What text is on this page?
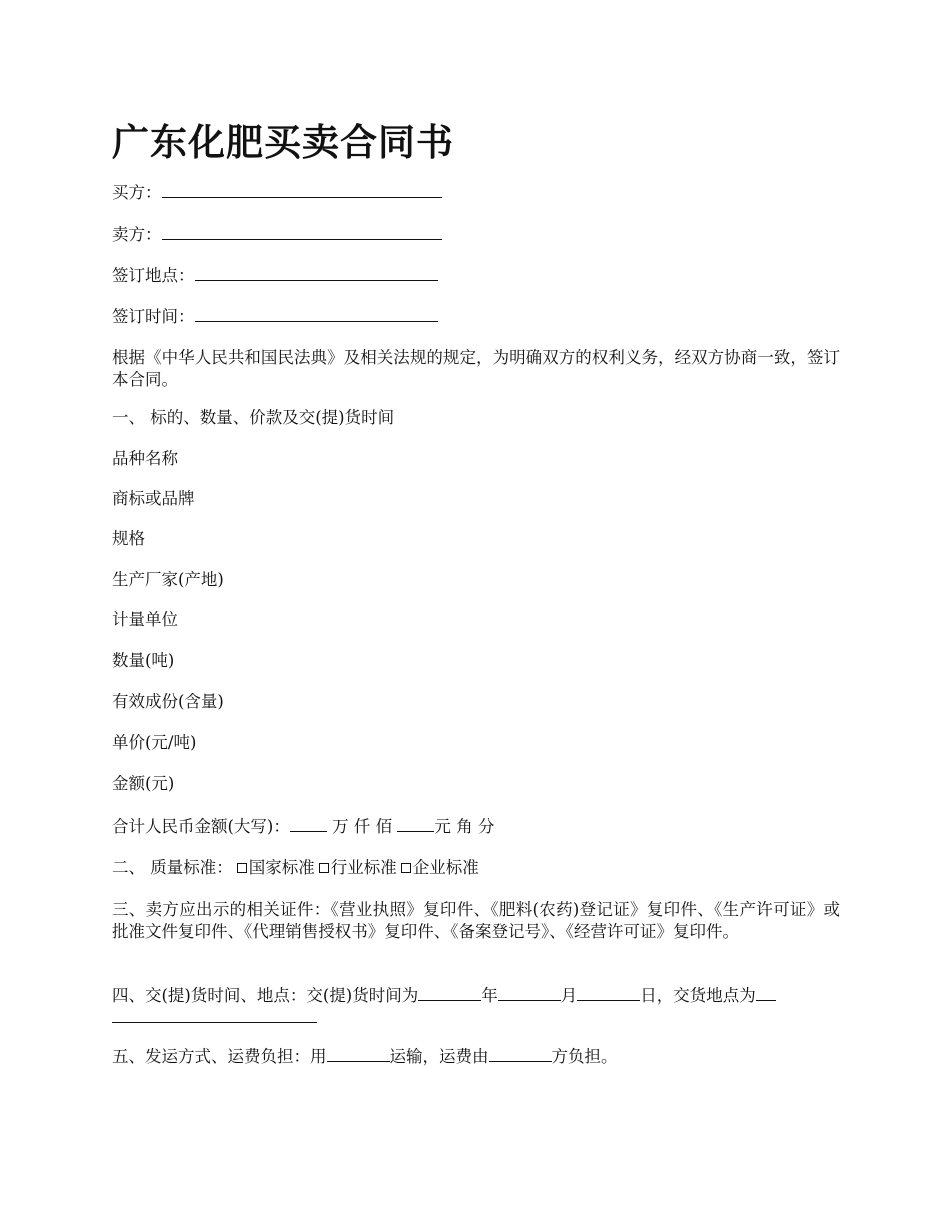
广东化肥买卖合同书
买方：
卖方：
签订地点：
签订时间：
根据《中华人民共和国民法典》及相关法规的规定，为明确双方的权利义务，经双方协商一致，签订本合同。
一、 标的、数量、价款及交(提)货时间
品种名称
商标或品牌
规格
生产厂家(产地)
计量单位
数量(吨)
有效成份(含量)
单价(元/吨)
金额(元)
合计人民币金额(大写)：	万 仟 佰	元 角 分
二、 质量标准： 国家标准 行业标准 企业标准
三、卖方应出示的相关证件：《营业执照》复印件、《肥料(农药)登记证》复印件、《生产许可证》或批准文件复印件、《代理销售授权书》复印件、《备案登记号》、《经营许可证》复印件。
四、交(提)货时间、地点：交(提)货时间为	年	月	日，交货地点为
五、发运方式、运费负担：用	运输，运费由	方负担。
